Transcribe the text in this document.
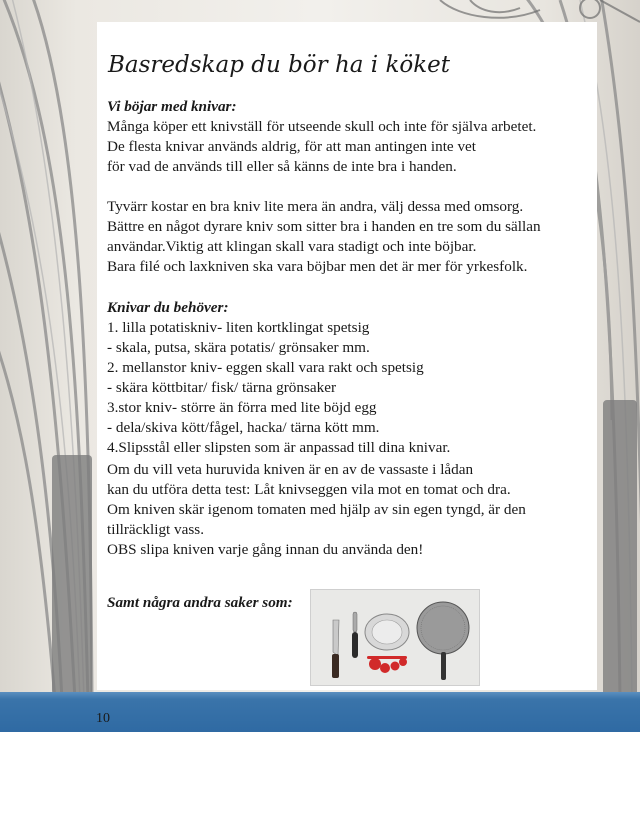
Basredskap du bör ha i köket
Vi böjar med knivar:
Många köper ett knivställ för utseende skull och inte för själva arbetet.
De flesta knivar används aldrig, för att man antingen inte vet
för vad de används till eller så känns de inte bra i handen.
Tyvärr kostar en bra kniv lite mera än andra, välj dessa med omsorg.
Bättre en något dyrare kniv som sitter bra i handen en tre som du sällan
användar.Viktig att klingan skall vara stadigt och inte böjbar.
Bara filé och laxkniven ska vara böjbar men det är mer för yrkesfolk.
Knivar du behöver:
1. lilla potatiskniv- liten kortklingat spetsig
- skala, putsa, skära potatis/ grönsaker mm.
2. mellanstor kniv- eggen skall vara rakt och spetsig
- skära köttbitar/ fisk/ tärna grönsaker
3.stor kniv- större än förra med lite böjd egg
- dela/skiva kött/fågel, hacka/ tärna kött mm.
4.Slipsstål eller slipsten som är anpassad till dina knivar.
Om du vill veta huruvida kniven är en av de vassaste i lådan
kan du utföra detta test: Låt knivseggen vila mot en tomat och dra.
Om kniven skär igenom tomaten med hjälp av sin egen tyngd, är den
tillräckligt vass.
OBS slipa kniven varje gång innan du använda den!
Samt några andra saker som:
10
